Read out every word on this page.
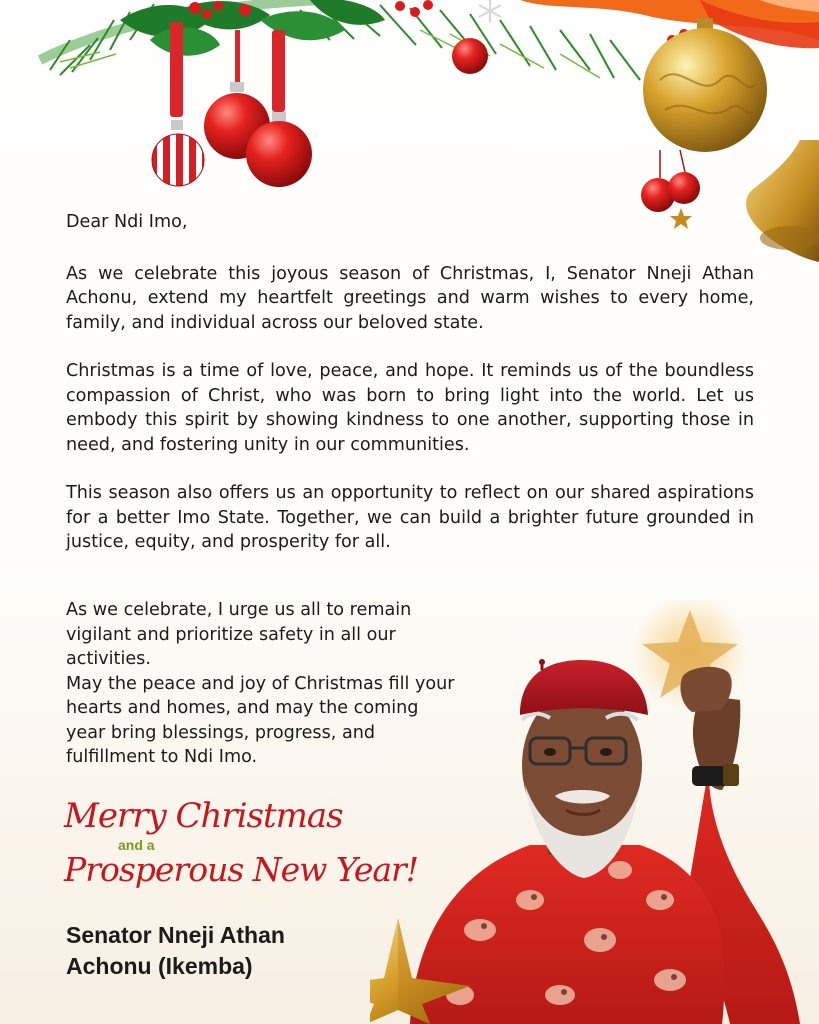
Dear Ndi Imo,

As we celebrate this joyous season of Christmas, I, Senator Nneji Athan Achonu, extend my heartfelt greetings and warm wishes to every home, family, and individual across our beloved state.

Christmas is a time of love, peace, and hope. It reminds us of the boundless compassion of Christ, who was born to bring light into the world. Let us embody this spirit by showing kindness to one another, supporting those in need, and fostering unity in our communities.

This season also offers us an opportunity to reflect on our shared aspirations for a better Imo State. Together, we can build a brighter future grounded in justice, equity, and prosperity for all.

As we celebrate, I urge us all to remain vigilant and prioritize safety in all our activities.

May the peace and joy of Christmas fill your hearts and homes, and may the coming year bring blessings, progress, and fulfillment to Ndi Imo.

Merry Christmas
and a
Prosperous New Year!
Senator Nneji Athan
Achonu (Ikemba)
